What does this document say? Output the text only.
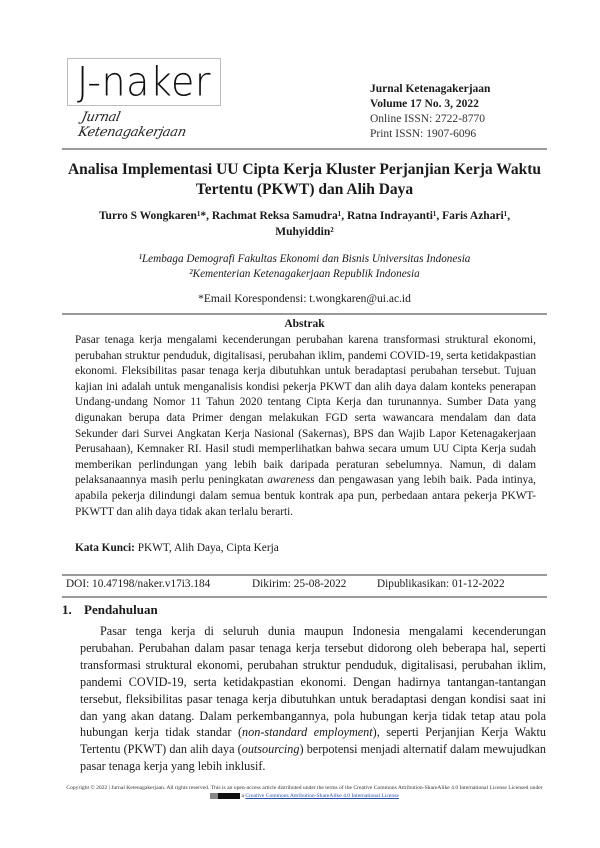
J-naker
Jurnal Ketenagakerjaan
Jurnal Ketenagakerjaan
Volume 17 No. 3, 2022
Online ISSN: 2722-8770
Print ISSN: 1907-6096
Analisa Implementasi UU Cipta Kerja Kluster Perjanjian Kerja Waktu
Tertentu (PKWT) dan Alih Daya
Turro S Wongkaren¹*, Rachmat Reksa Samudra¹, Ratna Indrayanti¹, Faris Azhari¹,
Muhyiddin²
¹Lembaga Demografi Fakultas Ekonomi dan Bisnis Universitas Indonesia
²Kementerian Ketenagakerjaan Republik Indonesia
*Email Korespondensi: t.wongkaren@ui.ac.id
Abstrak
Pasar tenaga kerja mengalami kecenderungan perubahan karena transformasi struktural ekonomi, perubahan struktur penduduk, digitalisasi, perubahan iklim, pandemi COVID-19, serta ketidakpastian ekonomi. Fleksibilitas pasar tenaga kerja dibutuhkan untuk beradaptasi perubahan tersebut. Tujuan kajian ini adalah untuk menganalisis kondisi pekerja PKWT dan alih daya dalam konteks penerapan Undang-undang Nomor 11 Tahun 2020 tentang Cipta Kerja dan turunannya. Sumber Data yang digunakan berupa data Primer dengan melakukan FGD serta wawancara mendalam dan data Sekunder dari Survei Angkatan Kerja Nasional (Sakernas), BPS dan Wajib Lapor Ketenagakerjaan Perusahaan), Kemnaker RI. Hasil studi memperlihatkan bahwa secara umum UU Cipta Kerja sudah memberikan perlindungan yang lebih baik daripada peraturan sebelumnya. Namun, di dalam pelaksanaannya masih perlu peningkatan awareness dan pengawasan yang lebih baik. Pada intinya, apabila pekerja dilindungi dalam semua bentuk kontrak apa pun, perbedaan antara pekerja PKWT-PKWTT dan alih daya tidak akan terlalu berarti.
Kata Kunci: PKWT, Alih Daya, Cipta Kerja
DOI: 10.47198/naker.v17i3.184	Dikirim: 25-08-2022	Dipublikasikan: 01-12-2022
1. Pendahuluan
Pasar tenga kerja di seluruh dunia maupun Indonesia mengalami kecenderungan perubahan. Perubahan dalam pasar tenaga kerja tersebut didorong oleh beberapa hal, seperti transformasi struktural ekonomi, perubahan struktur penduduk, digitalisasi, perubahan iklim, pandemi COVID-19, serta ketidakpastian ekonomi. Dengan hadirnya tantangan-tantangan tersebut, fleksibilitas pasar tenaga kerja dibutuhkan untuk beradaptasi dengan kondisi saat ini dan yang akan datang. Dalam perkembangannya, pola hubungan kerja tidak tetap atau pola hubungan kerja tidak standar (non-standard employment), seperti Perjanjian Kerja Waktu Tertentu (PKWT) dan alih daya (outsourcing) berpotensi menjadi alternatif dalam mewujudkan pasar tenaga kerja yang lebih inklusif.
Copyright © 2022 | Jurnal Ketenagakerjaan. All rights reserved. This is an open-access article distributed under the terms of the Creative Commons Attribution-ShareAlike 4.0 International License Licensed under  a Creative Commons Attribution-ShareAlike 4.0 International License
